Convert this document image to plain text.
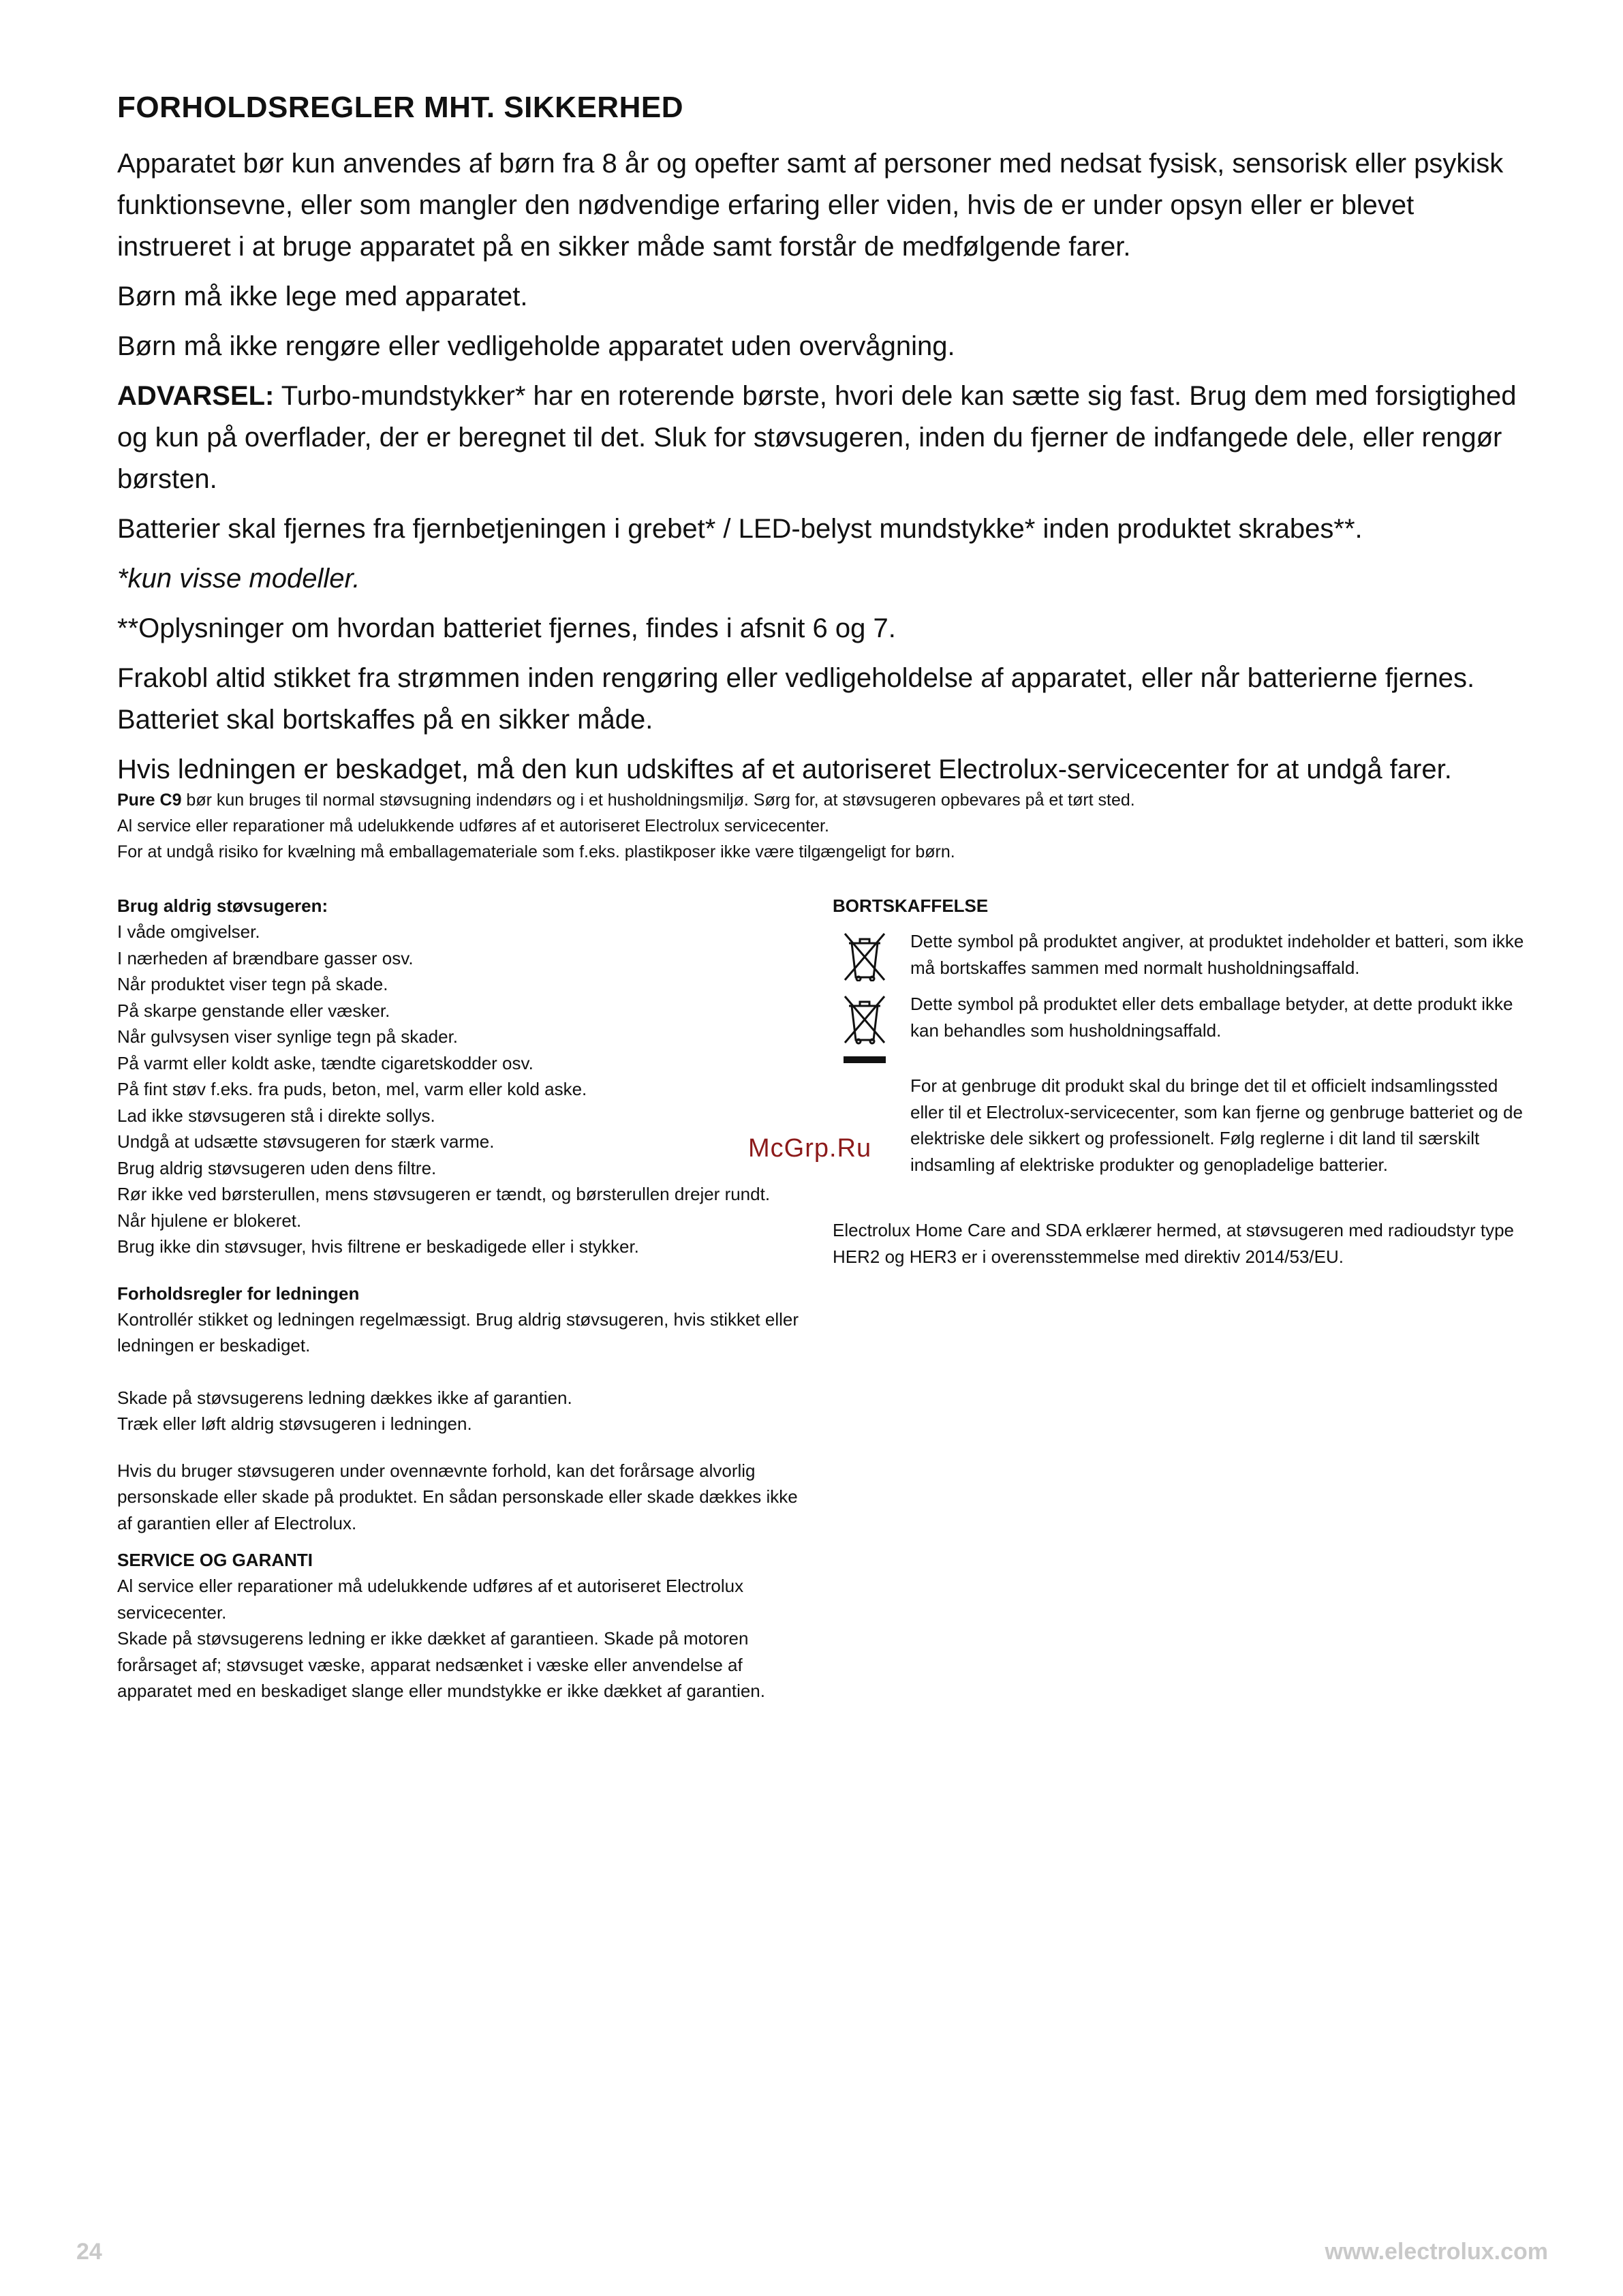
FORHOLDSREGLER MHT. SIKKERHED

Apparatet bør kun anvendes af børn fra 8 år og opefter samt af personer med nedsat fysisk, sensorisk eller psykisk funktionsevne, eller som mangler den nødvendige erfaring eller viden, hvis de er under opsyn eller er blevet instrueret i at bruge apparatet på en sikker måde samt forstår de medfølgende farer.

Børn må ikke lege med apparatet.

Børn må ikke rengøre eller vedligeholde apparatet uden overvågning.

ADVARSEL: Turbo-mundstykker* har en roterende børste, hvori dele kan sætte sig fast. Brug dem med forsigtighed og kun på overflader, der er beregnet til det. Sluk for støvsugeren, inden du fjerner de indfangede dele, eller rengør børsten.

Batterier skal fjernes fra fjernbetjeningen i grebet* / LED-belyst mundstykke* inden produktet skrabes**.

*kun visse modeller.

**Oplysninger om hvordan batteriet fjernes, findes i afsnit 6 og 7.

Frakobl altid stikket fra strømmen inden rengøring eller vedligeholdelse af apparatet, eller når batterierne fjernes. Batteriet skal bortskaffes på en sikker måde.

Hvis ledningen er beskadget, må den kun udskiftes af et autoriseret Electrolux-servicecenter for at undgå farer.

Pure C9 bør kun bruges til normal støvsugning indendørs og i et husholdningsmiljø. Sørg for, at støvsugeren opbevares på et tørt sted.

Al service eller reparationer må udelukkende udføres af et autoriseret Electrolux servicecenter.

For at undgå risiko for kvælning må emballagemateriale som f.eks. plastikposer ikke være tilgængeligt for børn.

Brug aldrig støvsugeren:

I våde omgivelser.

I nærheden af brændbare gasser osv.

Når produktet viser tegn på skade.

På skarpe genstande eller væsker.

Når gulvsysen viser synlige tegn på skader.

På varmt eller koldt aske, tændte cigaretskodder osv.

På fint støv f.eks. fra puds, beton, mel, varm eller kold aske.

Lad ikke støvsugeren stå i direkte sollys.

Undgå at udsætte støvsugeren for stærk varme.

Brug aldrig støvsugeren uden dens filtre.

Rør ikke ved børsterullen, mens støvsugeren er tændt, og børsterullen drejer rundt.

Når hjulene er blokeret.

Brug ikke din støvsuger, hvis filtrene er beskadigede eller i stykker.

Forholdsregler for ledningen

Kontrollér stikket og ledningen regelmæssigt. Brug aldrig støvsugeren, hvis stikket eller ledningen er beskadiget.

Skade på støvsugerens ledning dækkes ikke af garantien.

Træk eller løft aldrig støvsugeren i ledningen.

Hvis du bruger støvsugeren under ovennævnte forhold, kan det forårsage alvorlig personskade eller skade på produktet. En sådan personskade eller skade dækkes ikke af garantien eller af Electrolux.

SERVICE OG GARANTI

Al service eller reparationer må udelukkende udføres af et autoriseret Electrolux servicecenter.

Skade på støvsugerens ledning er ikke dækket af garantieen. Skade på motoren forårsaget af; støvsuget væske, apparat nedsænket i væske eller anvendelse af apparatet med en beskadiget slange eller mundstykke er ikke dækket af garantien.

BORTSKAFFELSE

Dette symbol på produktet angiver, at produktet indeholder et batteri, som ikke må bortskaffes sammen med normalt husholdningsaffald.
Dette symbol på produktet eller dets emballage betyder, at dette produkt ikke kan behandles som husholdningsaffald.
For at genbruge dit produkt skal du bringe det til et officielt indsamlingssted eller til et Electrolux-servicecenter, som kan fjerne og genbruge batteriet og de elektriske dele sikkert og professionelt. Følg reglerne i dit land til særskilt indsamling af elektriske produkter og genopladelige batterier.
Electrolux Home Care and SDA erklærer hermed, at støvsugeren med radioudstyr type HER2 og HER3 er i overensstemmelse med direktiv 2014/53/EU.
McGrp.Ru
24	www.electrolux.com
